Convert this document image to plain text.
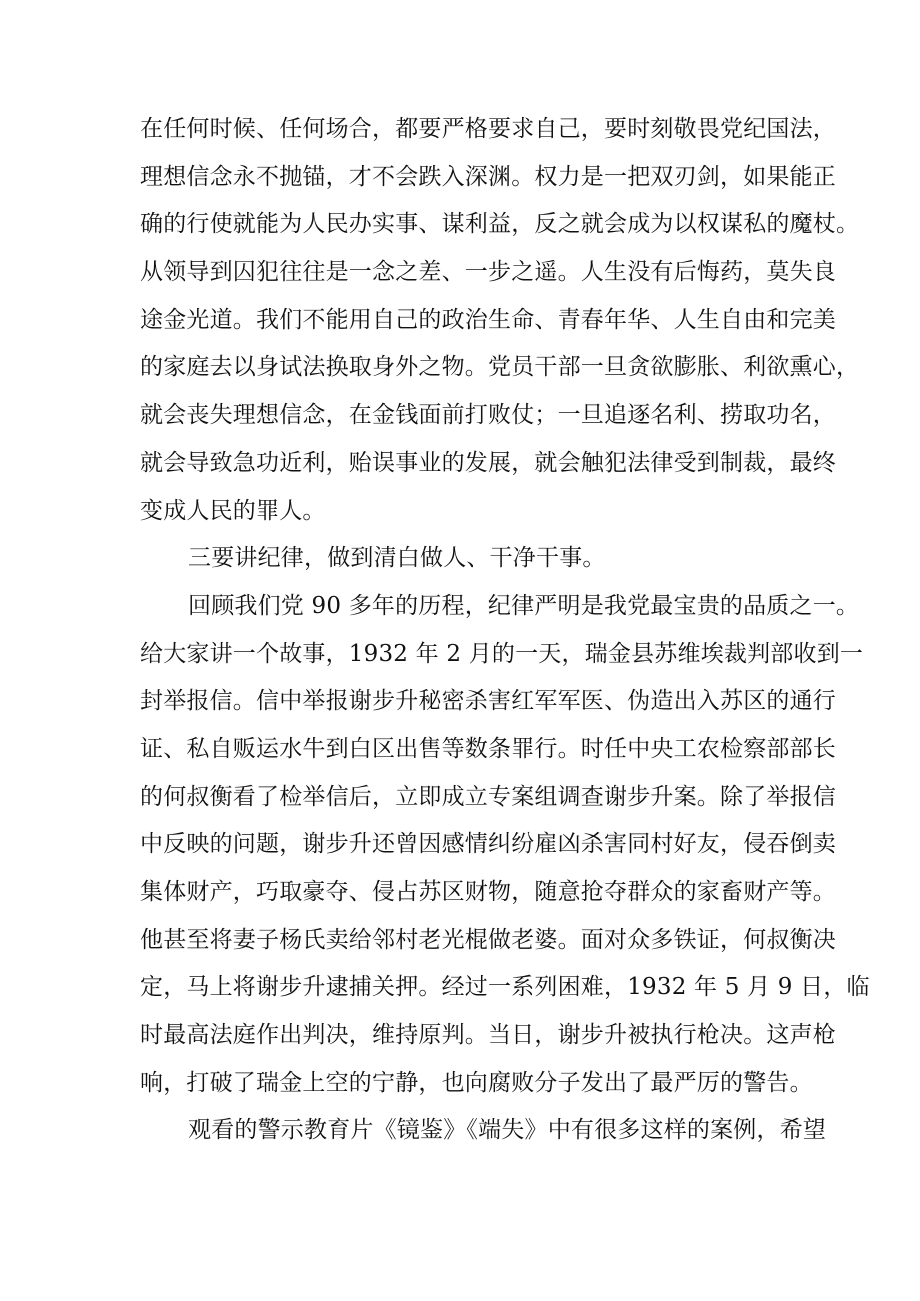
在任何时候、任何场合，都要严格要求自己，要时刻敬畏党纪国法，
理想信念永不抛锚，才不会跌入深渊。权力是一把双刃剑，如果能正
确的行使就能为人民办实事、谋利益，反之就会成为以权谋私的魔杖。
从领导到囚犯往往是一念之差、一步之遥。人生没有后悔药，莫失良
途金光道。我们不能用自己的政治生命、青春年华、人生自由和完美
的家庭去以身试法换取身外之物。党员干部一旦贪欲膨胀、利欲熏心，
就会丧失理想信念，在金钱面前打败仗；一旦追逐名利、捞取功名，
就会导致急功近利，贻误事业的发展，就会触犯法律受到制裁，最终
变成人民的罪人。
三要讲纪律，做到清白做人、干净干事。
回顾我们党 90 多年的历程，纪律严明是我党最宝贵的品质之一。
给大家讲一个故事，1932 年 2 月的一天，瑞金县苏维埃裁判部收到一
封举报信。信中举报谢步升秘密杀害红军军医、伪造出入苏区的通行
证、私自贩运水牛到白区出售等数条罪行。时任中央工农检察部部长
的何叔衡看了检举信后，立即成立专案组调查谢步升案。除了举报信
中反映的问题，谢步升还曾因感情纠纷雇凶杀害同村好友，侵吞倒卖
集体财产，巧取豪夺、侵占苏区财物，随意抢夺群众的家畜财产等。
他甚至将妻子杨氏卖给邻村老光棍做老婆。面对众多铁证，何叔衡决
定，马上将谢步升逮捕关押。经过一系列困难，1932 年 5 月 9 日，临
时最高法庭作出判决，维持原判。当日，谢步升被执行枪决。这声枪
响，打破了瑞金上空的宁静，也向腐败分子发出了最严厉的警告。
观看的警示教育片《镜鉴》《端失》中有很多这样的案例，希望
